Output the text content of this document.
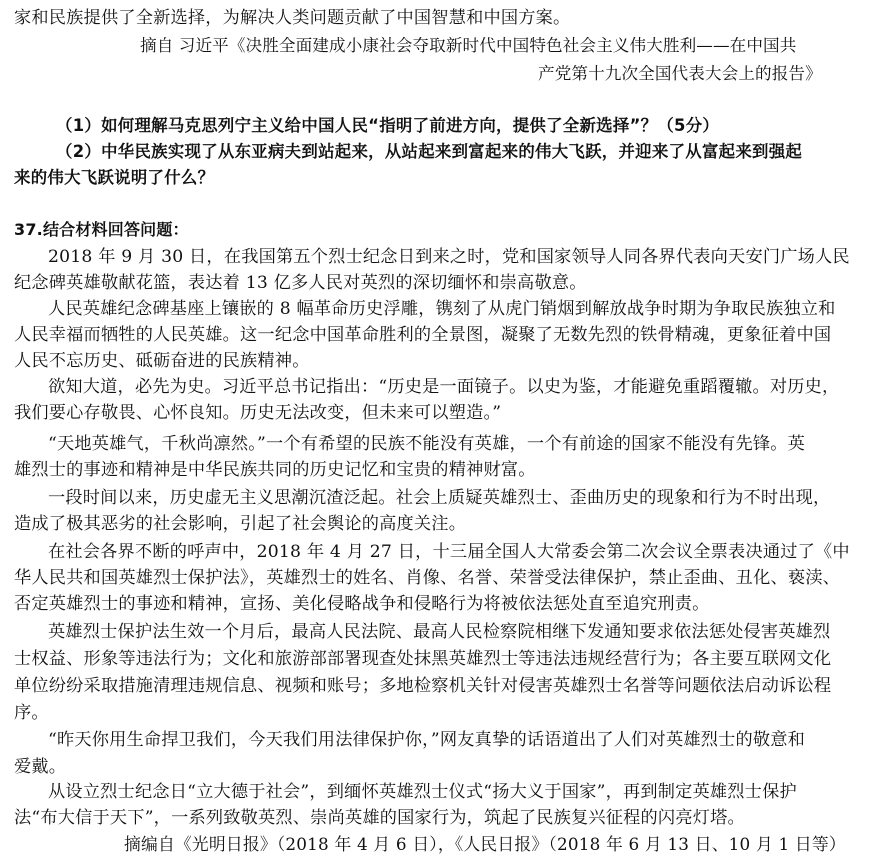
家和民族提供了全新选择，为解决人类问题贡献了中国智慧和中国方案。
摘自 习近平《决胜全面建成小康社会夺取新时代中国特色社会主义伟大胜利——在中国共
产党第十九次全国代表大会上的报告》
（1）如何理解马克思列宁主义给中国人民“指明了前进方向，提供了全新选择”？（5分）
（2）中华民族实现了从东亚病夫到站起来，从站起来到富起来的伟大飞跃，并迎来了从富起来到强起
来的伟大飞跃说明了什么？
37.结合材料回答问题：
2018 年 9 月 30 日，在我国第五个烈士纪念日到来之时，党和国家领导人同各界代表向天安门广场人民
纪念碑英雄敬献花篮，表达着 13 亿多人民对英烈的深切缅怀和崇高敬意。
人民英雄纪念碑基座上镶嵌的 8 幅革命历史浮雕，镌刻了从虎门销烟到解放战争时期为争取民族独立和
人民幸福而牺牲的人民英雄。这一纪念中国革命胜利的全景图，凝聚了无数先烈的铁骨精魂，更象征着中国
人民不忘历史、砥砺奋进的民族精神。
欲知大道，必先为史。习近平总书记指出：“历史是一面镜子。以史为鉴，才能避免重蹈覆辙。对历史，
我们要心存敬畏、心怀良知。历史无法改变，但未来可以塑造。”
“天地英雄气，千秋尚凛然。”一个有希望的民族不能没有英雄，一个有前途的国家不能没有先锋。英
雄烈士的事迹和精神是中华民族共同的历史记忆和宝贵的精神财富。
一段时间以来，历史虚无主义思潮沉渣泛起。社会上质疑英雄烈士、歪曲历史的现象和行为不时出现，
造成了极其恶劣的社会影响，引起了社会舆论的高度关注。
在社会各界不断的呼声中，2018 年 4 月 27 日，十三届全国人大常委会第二次会议全票表决通过了《中
华人民共和国英雄烈士保护法》，英雄烈士的姓名、肖像、名誉、荣誉受法律保护，禁止歪曲、丑化、亵渎、
否定英雄烈士的事迹和精神，宣扬、美化侵略战争和侵略行为将被依法惩处直至追究刑责。
英雄烈士保护法生效一个月后，最高人民法院、最高人民检察院相继下发通知要求依法惩处侵害英雄烈
士权益、形象等违法行为；文化和旅游部部署现查处抹黑英雄烈士等违法违规经营行为；各主要互联网文化
单位纷纷采取措施清理违规信息、视频和账号；多地检察机关针对侵害英雄烈士名誉等问题依法启动诉讼程
序。
“昨天你用生命捍卫我们，今天我们用法律保护你，”网友真挚的话语道出了人们对英雄烈士的敬意和
爱戴。
从设立烈士纪念日“立大德于社会”，到缅怀英雄烈士仪式“扬大义于国家”，再到制定英雄烈士保护
法“布大信于天下”，一系列致敬英烈、崇尚英雄的国家行为，筑起了民族复兴征程的闪亮灯塔。
摘编自《光明日报》（2018 年 4 月 6 日），《人民日报》（2018 年 6 月 13 日、10 月 1 日等）
